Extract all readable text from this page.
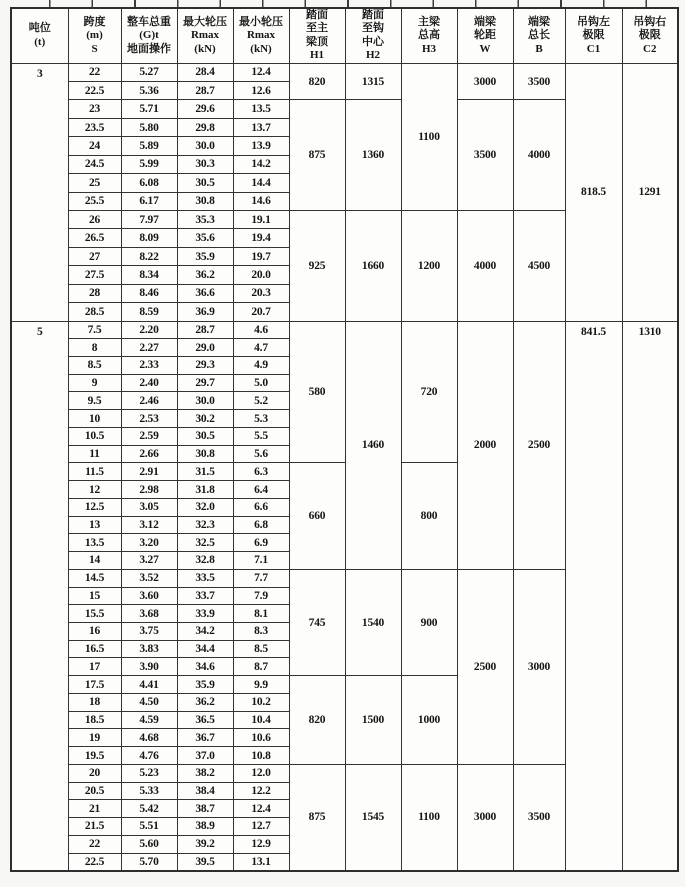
吨位
(t)

跨度
(m)
S

整车总重
(G)t
地面操作

最大轮压
Rmax
(kN)

最小轮压
Rmax
(kN)

踏面
至主
梁顶
H1

踏面
至钩
中心
H2

主梁
总高
H3

端梁
轮距
W

端梁
总长
B

吊钩左
极限
C1

吊钩右
极限
C2

3	22	5.27	28.4	12.4	820	1315	1100	3000	3500	818.5	1291
	22.5	5.36	28.7	12.6							
	23	5.71	29.6	13.5	875	1360		3500	4000		
	23.5	5.80	29.8	13.7							
	24	5.89	30.0	13.9							
	24.5	5.99	30.3	14.2							
	25	6.08	30.5	14.4							
	25.5	6.17	30.8	14.6							
	26	7.97	35.3	19.1	925	1660	1200	4000	4500		
	26.5	8.09	35.6	19.4							
	27	8.22	35.9	19.7							
	27.5	8.34	36.2	20.0							
	28	8.46	36.6	20.3							
	28.5	8.59	36.9	20.7							
5	7.5	2.20	28.7	4.6	580	1460	720	2000	2500	841.5	1310
	8	2.27	29.0	4.7							
	8.5	2.33	29.3	4.9							
	9	2.40	29.7	5.0							
	9.5	2.46	30.0	5.2							
	10	2.53	30.2	5.3							
	10.5	2.59	30.5	5.5							
	11	2.66	30.8	5.6							
	11.5	2.91	31.5	6.3	660		800				
	12	2.98	31.8	6.4							
	12.5	3.05	32.0	6.6							
	13	3.12	32.3	6.8							
	13.5	3.20	32.5	6.9							
	14	3.27	32.8	7.1							
	14.5	3.52	33.5	7.7	745	1540	900	2500	3000		
	15	3.60	33.7	7.9							
	15.5	3.68	33.9	8.1							
	16	3.75	34.2	8.3							
	16.5	3.83	34.4	8.5							
	17	3.90	34.6	8.7							
	17.5	4.41	35.9	9.9	820	1500	1000				
	18	4.50	36.2	10.2							
	18.5	4.59	36.5	10.4							
	19	4.68	36.7	10.6							
	19.5	4.76	37.0	10.8							
	20	5.23	38.2	12.0	875	1545	1100	3000	3500		
	20.5	5.33	38.4	12.2							
	21	5.42	38.7	12.4							
	21.5	5.51	38.9	12.7							
	22	5.60	39.2	12.9							
	22.5	5.70	39.5	13.1							
